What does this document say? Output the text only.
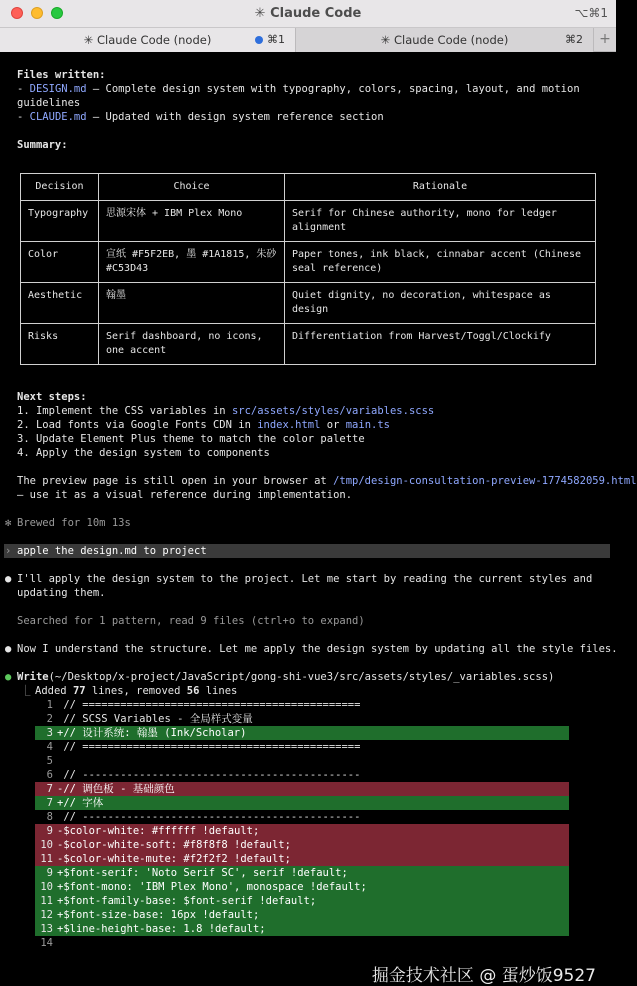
✳ Claude Code	⌥⌘1
✳ Claude Code (node)	⌘1	✳ Claude Code (node)	⌘2	+
Files written:
- DESIGN.md – Complete design system with typography, colors, spacing, layout, and motion
guidelines
- CLAUDE.md – Updated with design system reference section
Summary:
Decision	Choice	Rationale
Typography	思源宋体 + IBM Plex Mono	Serif for Chinese authority, mono for ledger alignment
Color	宣纸 #F5F2EB, 墨 #1A1815, 朱砂 #C53D43	Paper tones, ink black, cinnabar accent (Chinese seal reference)
Aesthetic	翰墨	Quiet dignity, no decoration, whitespace as design
Risks	Serif dashboard, no icons, one accent	Differentiation from Harvest/Toggl/Clockify
Next steps:
1. Implement the CSS variables in src/assets/styles/variables.scss
2. Load fonts via Google Fonts CDN in index.html or main.ts
3. Update Element Plus theme to match the color palette
4. Apply the design system to components
The preview page is still open in your browser at /tmp/design-consultation-preview-1774582059.html
– use it as a visual reference during implementation.
✻ Brewed for 10m 13s
› apple the design.md to project
● I'll apply the design system to the project. Let me start by reading the current styles and
updating them.
Searched for 1 pattern, read 9 files (ctrl+o to expand)
● Now I understand the structure. Let me apply the design system by updating all the style files.
● Write(~/Desktop/x-project/JavaScript/gong-shi-vue3/src/assets/styles/_variables.scss)
⎿ Added 77 lines, removed 56 lines
1 // ============================================
2 // SCSS Variables - 全局样式变量
3 +// 设计系统: 翰墨 (Ink/Scholar)
4 // ============================================
5
6 // --------------------------------------------
7 -// 调色板 - 基础颜色
7 +// 字体
8 // --------------------------------------------
9 -$color-white: #ffffff !default;
10 -$color-white-soft: #f8f8f8 !default;
11 -$color-white-mute: #f2f2f2 !default;
9 +$font-serif: 'Noto Serif SC', serif !default;
10 +$font-mono: 'IBM Plex Mono', monospace !default;
11 +$font-family-base: $font-serif !default;
12 +$font-size-base: 16px !default;
13 +$line-height-base: 1.8 !default;
14
掘金技术社区 @ 蛋炒饭9527
